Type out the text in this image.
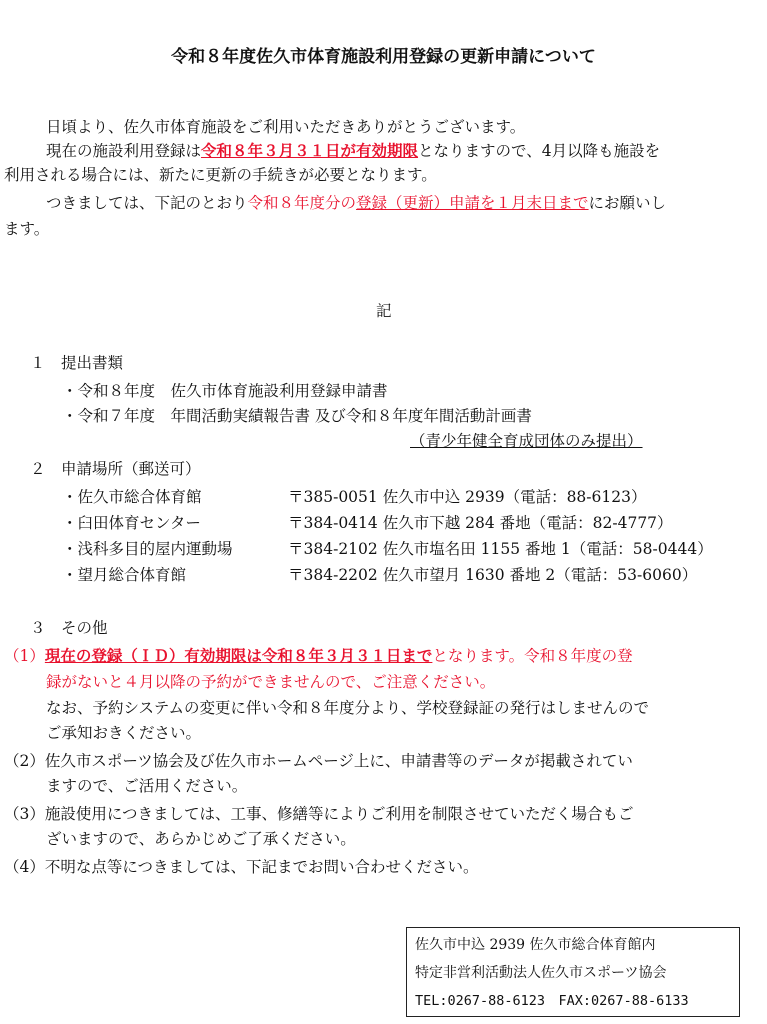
令和８年度佐久市体育施設利用登録の更新申請について
日頃より、佐久市体育施設をご利用いただきありがとうございます。
現在の施設利用登録は令和８年３月３１日が有効期限となりますので、4月以降も施設を
利用される場合には、新たに更新の手続きが必要となります。
つきましては、下記のとおり令和８年度分の登録（更新）申請を１月末日までにお願いし
ます。
記
１　提出書類
・令和８年度　佐久市体育施設利用登録申請書
・令和７年度　年間活動実績報告書 及び令和８年度年間活動計画書
（青少年健全育成団体のみ提出）
２　申請場所（郵送可）
・佐久市総合体育館	〒385-0051 佐久市中込 2939（電話：88-6123）
・臼田体育センター	〒384-0414 佐久市下越 284 番地（電話：82-4777）
・浅科多目的屋内運動場	〒384-2102 佐久市塩名田 1155 番地 1（電話：58-0444）
・望月総合体育館	〒384-2202 佐久市望月 1630 番地 2（電話：53-6060）
３　その他
（1）現在の登録（ＩＤ）有効期限は令和８年３月３１日までとなります。令和８年度の登
録がないと４月以降の予約ができませんので、ご注意ください。
なお、予約システムの変更に伴い令和８年度分より、学校登録証の発行はしませんので
ご承知おきください。
（2）佐久市スポーツ協会及び佐久市ホームページ上に、申請書等のデータが掲載されてい
ますので、ご活用ください。
（3）施設使用につきましては、工事、修繕等によりご利用を制限させていただく場合もご
ざいますので、あらかじめご了承ください。
（4）不明な点等につきましては、下記までお問い合わせください。
佐久市中込 2939 佐久市総合体育館内
特定非営利活動法人佐久市スポーツ協会
TEL:0267-88-6123　FAX:0267-88-6133
